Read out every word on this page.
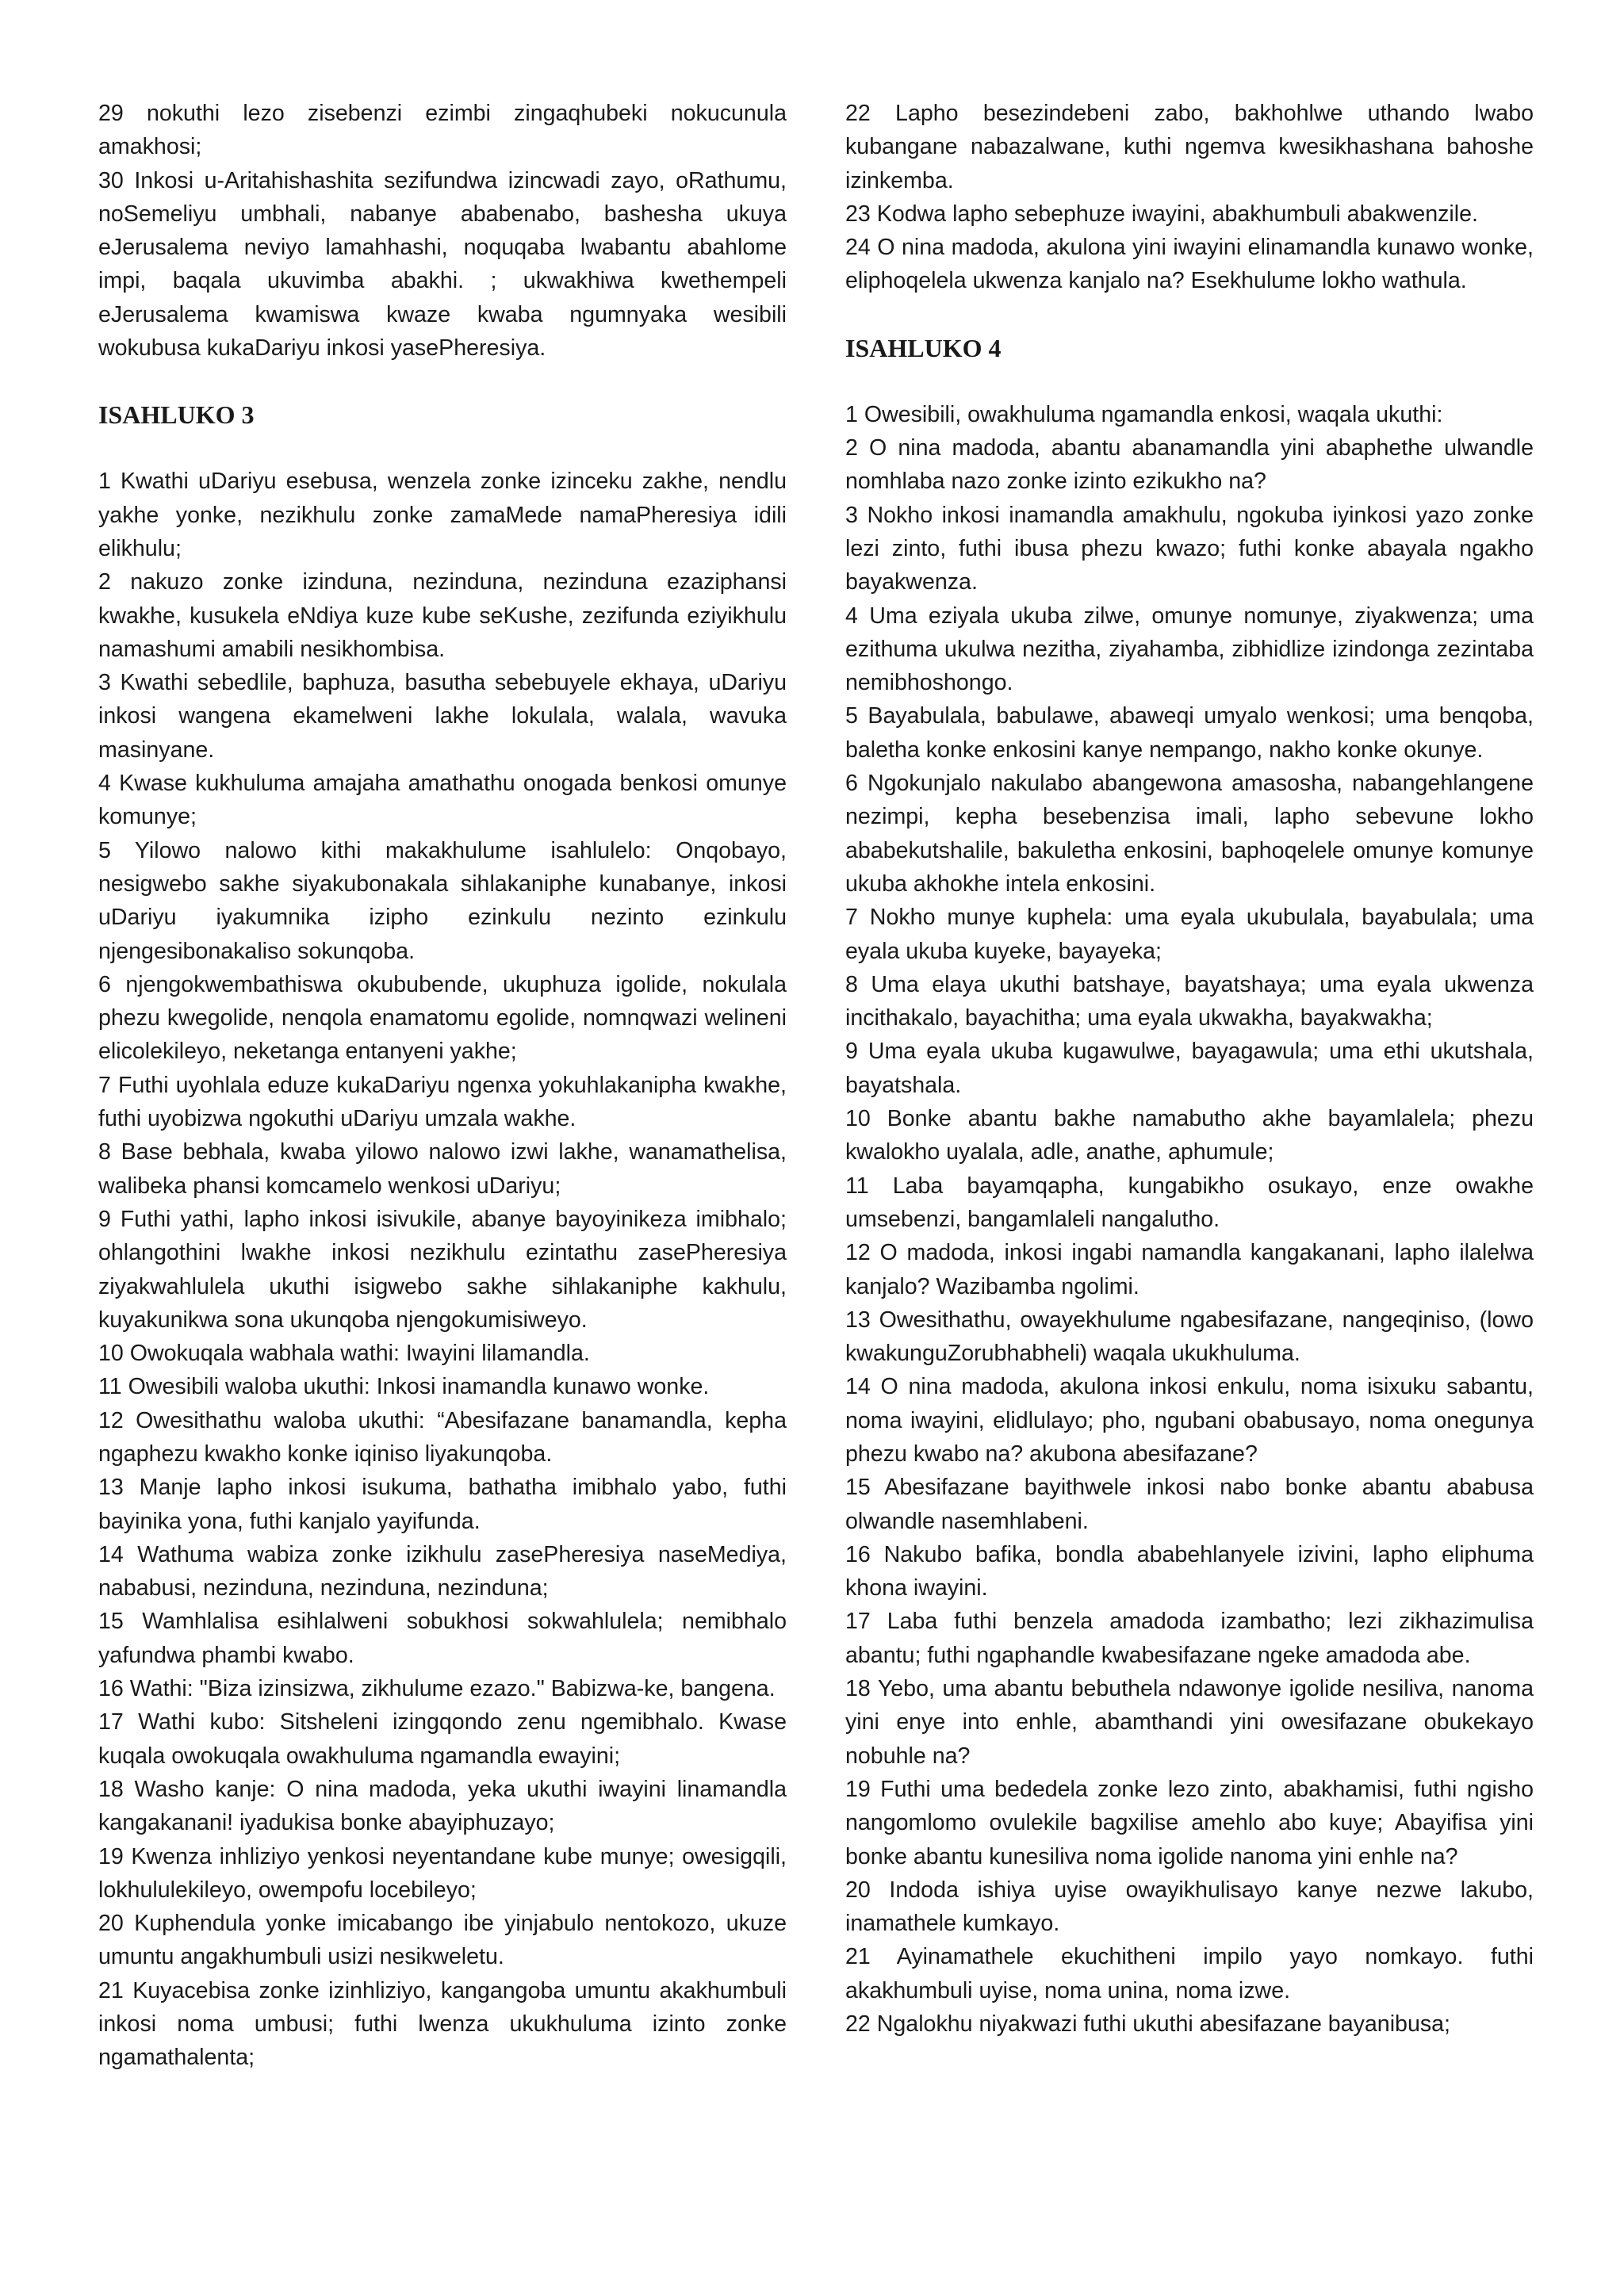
29 nokuthi lezo zisebenzi ezimbi zingaqhubeki nokucunula amakhosi;

30 Inkosi u-Aritahishashita sezifundwa izincwadi zayo, oRathumu, noSemeliyu umbhali, nabanye ababenabo, bashesha ukuya eJerusalema neviyo lamahhashi, noquqaba lwabantu abahlome impi, baqala ukuvimba abakhi. ; ukwakhiwa kwethempeli eJerusalema kwamiswa kwaze kwaba ngumnyaka wesibili wokubusa kukaDariyu inkosi yasePheresiya.

ISAHLUKO 3

1 Kwathi uDariyu esebusa, wenzela zonke izinceku zakhe, nendlu yakhe yonke, nezikhulu zonke zamaMede namaPheresiya idili elikhulu;

2 nakuzo zonke izinduna, nezinduna, nezinduna ezaziphansi kwakhe, kusukela eNdiya kuze kube seKushe, zezifunda eziyikhulu namashumi amabili nesikhombisa.

3 Kwathi sebedlile, baphuza, basutha sebebuyele ekhaya, uDariyu inkosi wangena ekamelweni lakhe lokulala, walala, wavuka masinyane.

4 Kwase kukhuluma amajaha amathathu onogada benkosi omunye komunye;

5 Yilowo nalowo kithi makakhulume isahlulelo: Onqobayo, nesigwebo sakhe siyakubonakala sihlakaniphe kunabanye, inkosi uDariyu iyakumnika izipho ezinkulu nezinto ezinkulu njengesibonakaliso sokunqoba.

6 njengokwembathiswa okububende, ukuphuza igolide, nokulala phezu kwegolide, nenqola enamatomu egolide, nomnqwazi welineni elicolekileyo, neketanga entanyeni yakhe;

7 Futhi uyohlala eduze kukaDariyu ngenxa yokuhlakanipha kwakhe, futhi uyobizwa ngokuthi uDariyu umzala wakhe.

8 Base bebhala, kwaba yilowo nalowo izwi lakhe, wanamathelisa, walibeka phansi komcamelo wenkosi uDariyu;

9 Futhi yathi, lapho inkosi isivukile, abanye bayoyinikeza imibhalo; ohlangothini lwakhe inkosi nezikhulu ezintathu zasePheresiya ziyakwahlulela ukuthi isigwebo sakhe sihlakaniphe kakhulu, kuyakunikwa sona ukunqoba njengokumisiweyo.

10 Owokuqala wabhala wathi: Iwayini lilamandla.

11 Owesibili waloba ukuthi: Inkosi inamandla kunawo wonke.

12 Owesithathu waloba ukuthi: “Abesifazane banamandla, kepha ngaphezu kwakho konke iqiniso liyakunqoba.

13 Manje lapho inkosi isukuma, bathatha imibhalo yabo, futhi bayinika yona, futhi kanjalo yayifunda.

14 Wathuma wabiza zonke izikhulu zasePheresiya naseMediya, nababusi, nezinduna, nezinduna, nezinduna;

15 Wamhlalisa esihlalweni sobukhosi sokwahlulela; nemibhalo yafundwa phambi kwabo.

16 Wathi: "Biza izinsizwa, zikhulume ezazo." Babizwa-ke, bangena.

17 Wathi kubo: Sitsheleni izingqondo zenu ngemibhalo. Kwase kuqala owokuqala owakhuluma ngamandla ewayini;

18 Washo kanje: O nina madoda, yeka ukuthi iwayini linamandla kangakanani! iyadukisa bonke abayiphuzayo;

19 Kwenza inhliziyo yenkosi neyentandane kube munye; owesigqili, lokhululekileyo, owempofu locebileyo;

20 Kuphendula yonke imicabango ibe yinjabulo nentokozo, ukuze umuntu angakhumbuli usizi nesikweletu.

21 Kuyacebisa zonke izinhliziyo, kangangoba umuntu akakhumbuli inkosi noma umbusi; futhi lwenza ukukhuluma izinto zonke ngamathalenta;

22 Lapho besezindebeni zabo, bakhohlwe uthando lwabo kubangane nabazalwane, kuthi ngemva kwesikhashana bahoshe izinkemba.

23 Kodwa lapho sebephuze iwayini, abakhumbuli abakwenzile.

24 O nina madoda, akulona yini iwayini elinamandla kunawo wonke, eliphoqelela ukwenza kanjalo na? Esekhulume lokho wathula.

ISAHLUKO 4

1 Owesibili, owakhuluma ngamandla enkosi, waqala ukuthi:

2 O nina madoda, abantu abanamandla yini abaphethe ulwandle nomhlaba nazo zonke izinto ezikukho na?

3 Nokho inkosi inamandla amakhulu, ngokuba iyinkosi yazo zonke lezi zinto, futhi ibusa phezu kwazo; futhi konke abayala ngakho bayakwenza.

4 Uma eziyala ukuba zilwe, omunye nomunye, ziyakwenza; uma ezithuma ukulwa nezitha, ziyahamba, zibhidlize izindonga zezintaba nemibhoshongo.

5 Bayabulala, babulawe, abaweqi umyalo wenkosi; uma benqoba, baletha konke enkosini kanye nempango, nakho konke okunye.

6 Ngokunjalo nakulabo abangewona amasosha, nabangehlangene nezimpi, kepha besebenzisa imali, lapho sebevune lokho ababekutshalile, bakuletha enkosini, baphoqelele omunye komunye ukuba akhokhe intela enkosini.

7 Nokho munye kuphela: uma eyala ukubulala, bayabulala; uma eyala ukuba kuyeke, bayayeka;

8 Uma elaya ukuthi batshaye, bayatshaya; uma eyala ukwenza incithakalo, bayachitha; uma eyala ukwakha, bayakwakha;

9 Uma eyala ukuba kugawulwe, bayagawula; uma ethi ukutshala, bayatshala.

10 Bonke abantu bakhe namabutho akhe bayamlalela; phezu kwalokho uyalala, adle, anathe, aphumule;

11 Laba bayamqapha, kungabikho osukayo, enze owakhe umsebenzi, bangamlaleli nangalutho.

12 O madoda, inkosi ingabi namandla kangakanani, lapho ilalelwa kanjalo? Wazibamba ngolimi.

13 Owesithathu, owayekhulume ngabesifazane, nangeqiniso, (lowo kwakunguZorubhabheli) waqala ukukhuluma.

14 O nina madoda, akulona inkosi enkulu, noma isixuku sabantu, noma iwayini, elidlulayo; pho, ngubani obabusayo, noma onegunya phezu kwabo na? akubona abesifazane?

15 Abesifazane bayithwele inkosi nabo bonke abantu ababusa olwandle nasemhlabeni.

16 Nakubo bafika, bondla ababehlanyele izivini, lapho eliphuma khona iwayini.

17 Laba futhi benzela amadoda izambatho; lezi zikhazimulisa abantu; futhi ngaphandle kwabesifazane ngeke amadoda abe.

18 Yebo, uma abantu bebuthela ndawonye igolide nesiliva, nanoma yini enye into enhle, abamthandi yini owesifazane obukekayo nobuhle na?

19 Futhi uma bededela zonke lezo zinto, abakhamisi, futhi ngisho nangomlomo ovulekile bagxilise amehlo abo kuye; Abayifisa yini bonke abantu kunesiliva noma igolide nanoma yini enhle na?

20 Indoda ishiya uyise owayikhulisayo kanye nezwe lakubo, inamathele kumkayo.

21 Ayinamathele ekuchitheni impilo yayo nomkayo. futhi akakhumbuli uyise, noma unina, noma izwe.

22 Ngalokhu niyakwazi futhi ukuthi abesifazane bayanibusa;
